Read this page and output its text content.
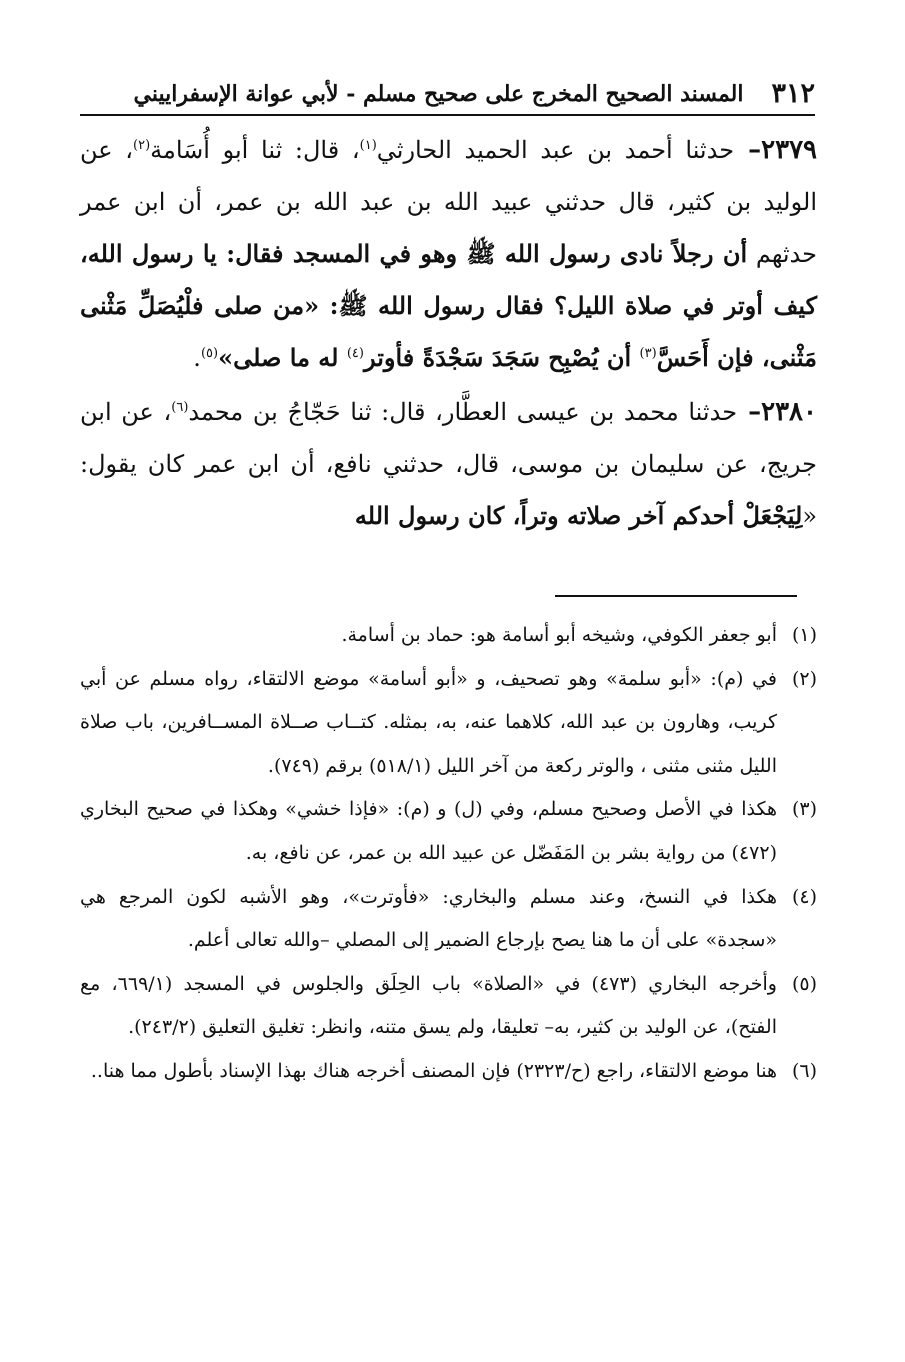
٣١٢
المسند الصحيح المخرج على صحيح مسلم - لأبي عوانة الإسفراييني

٢٣٧٩– حدثنا أحمد بن عبد الحميد الحارثي$^{(١)}$، قال: ثنا أبو أُسَامة$^{(٢)}$، عن الوليد بن كثير، قال حدثني عبيد الله بن عبد الله بن عمر، أن ابن عمر حدثهم أن رجلاً نادى رسول الله ﷺ وهو في المسجد فقال: يا رسول الله، كيف أوتر في صلاة الليل؟ فقال رسول الله ﷺ: «من صلى فلْيُصَلِّ مَثْنى مَثْنى، فإن أَحَسَّ$^{(٣)}$ أن يُصْبِح سَجَدَ سَجْدَةً فأوتر$^{(٤)}$ له ما صلى»$^{(٥)}$.

٢٣٨٠– حدثنا محمد بن عيسى العطَّار، قال: ثنا حَجّاجُ بن محمد$^{(٦)}$، عن ابن جريج، عن سليمان بن موسى، قال، حدثني نافع، أن ابن عمر كان يقول: «لِيَجْعَلْ أحدكم آخر صلاته وتراً، كان رسول الله

(١)أبو جعفر الكوفي، وشيخه أبو أسامة هو: حماد بن أسامة.

(٢)في (م): «أبو سلمة» وهو تصحيف، و «أبو أسامة» موضع الالتقاء، رواه مسلم عن أبي كريب، وهارون بن عبد الله، كلاهما عنه، به، بمثله. كتــاب صــلاة المســافرين، باب صلاة الليل مثنى مثنى ، والوتر ركعة من آخر الليل (٥١٨/١) برقم (٧٤٩).

(٣)هكذا في الأصل وصحيح مسلم، وفي (ل) و (م): «فإذا خشي» وهكذا في صحيح البخاري (٤٧٢) من رواية بشر بن المَفَضّل عن عبيد الله بن عمر، عن نافع، به.

(٤)هكذا في النسخ، وعند مسلم والبخاري: «فأوترت»، وهو الأشبه لكون المرجع هي «سجدة» على أن ما هنا يصح بإرجاع الضمير إلى المصلي –والله تعالى أعلم.

(٥)وأخرجه البخاري (٤٧٣) في «الصلاة» باب الحِلَق والجلوس في المسجد (٦٦٩/١، مع الفتح)، عن الوليد بن كثير، به– تعليقا، ولم يسق متنه، وانظر: تغليق التعليق (٢٤٣/٢).

(٦)هنا موضع الالتقاء، راجع (ح/٢٣٢٣) فإن المصنف أخرجه هناك بهذا الإسناد بأطول مما هنا..
